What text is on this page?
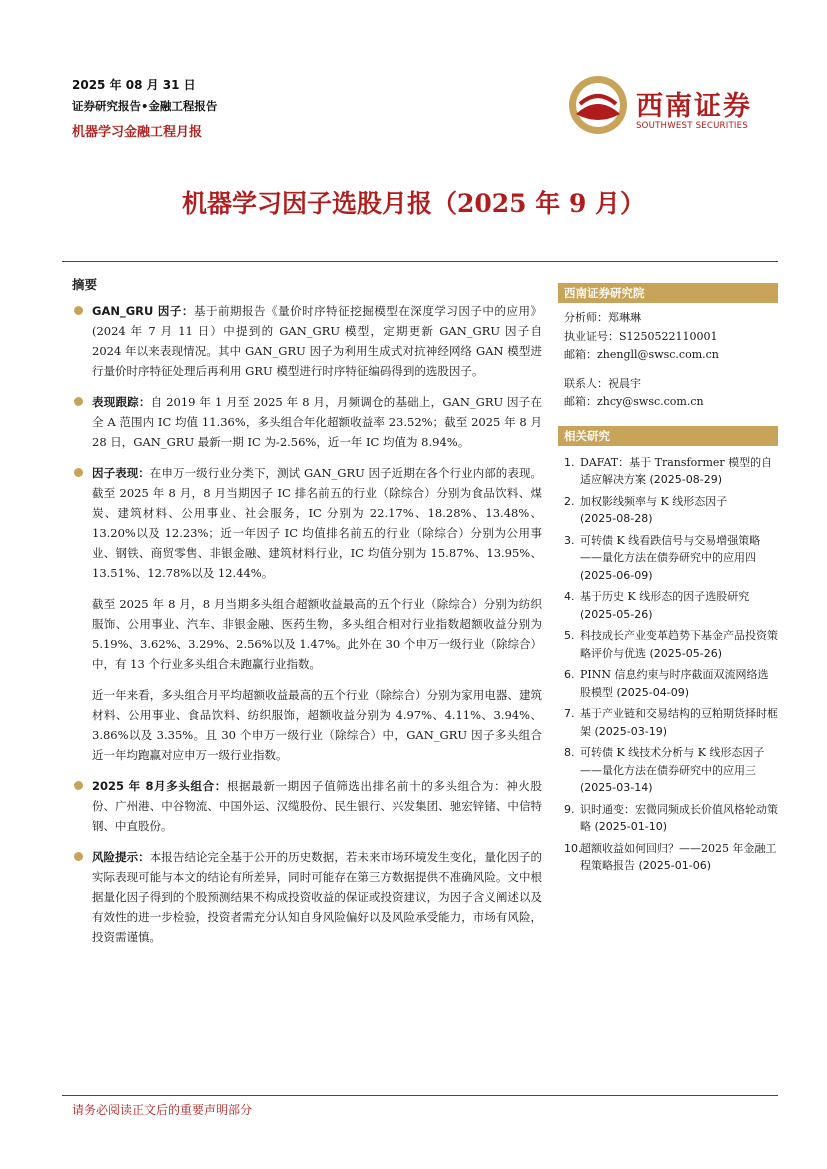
2025 年 08 月 31 日
证券研究报告•金融工程报告
机器学习金融工程月报
西南证券
SOUTHWEST SECURITIES
机器学习因子选股月报（2025 年 9 月）
摘要
GAN_GRU 因子：基于前期报告《量价时序特征挖掘模型在深度学习因子中的应用》(2024 年 7 月 11 日）中提到的 GAN_GRU 模型，定期更新 GAN_GRU 因子自 2024 年以来表现情况。其中 GAN_GRU 因子为利用生成式对抗神经网络 GAN 模型进行量价时序特征处理后再利用 GRU 模型进行时序特征编码得到的选股因子。
表现跟踪：自 2019 年 1 月至 2025 年 8 月，月频调仓的基础上，GAN_GRU 因子在全 A 范围内 IC 均值 11.36%，多头组合年化超额收益率 23.52%；截至 2025 年 8 月 28 日，GAN_GRU 最新一期 IC 为-2.56%，近一年 IC 均值为 8.94%。
因子表现：在申万一级行业分类下，测试 GAN_GRU 因子近期在各个行业内部的表现。截至 2025 年 8 月，8 月当期因子 IC 排名前五的行业（除综合）分别为食品饮料、煤炭、建筑材料、公用事业、社会服务，IC 分别为 22.17%、18.28%、13.48%、13.20%以及 12.23%；近一年因子 IC 均值排名前五的行业（除综合）分别为公用事业、钢铁、商贸零售、非银金融、建筑材料行业，IC 均值分别为 15.87%、13.95%、13.51%、12.78%以及 12.44%。
截至 2025 年 8 月，8 月当期多头组合超额收益最高的五个行业（除综合）分别为纺织服饰、公用事业、汽车、非银金融、医药生物，多头组合相对行业指数超额收益分别为 5.19%、3.62%、3.29%、2.56%以及 1.47%。此外在 30 个申万一级行业（除综合）中，有 13 个行业多头组合未跑赢行业指数。
近一年来看，多头组合月平均超额收益最高的五个行业（除综合）分别为家用电器、建筑材料、公用事业、食品饮料、纺织服饰，超额收益分别为 4.97%、4.11%、3.94%、3.86%以及 3.35%。且 30 个申万一级行业（除综合）中，GAN_GRU 因子多头组合近一年均跑赢对应申万一级行业指数。
2025 年 8月多头组合：根据最新一期因子值筛选出排名前十的多头组合为：神火股份、广州港、中谷物流、中国外运、汉缆股份、民生银行、兴发集团、驰宏锌锗、中信特钢、中直股份。
风险提示：本报告结论完全基于公开的历史数据，若未来市场环境发生变化，量化因子的实际表现可能与本文的结论有所差异，同时可能存在第三方数据提供不准确风险。文中根据量化因子得到的个股预测结果不构成投资收益的保证或投资建议，为因子含义阐述以及有效性的进一步检验，投资者需充分认知自身风险偏好以及风险承受能力，市场有风险，投资需谨慎。
西南证券研究院
分析师：郑琳琳
执业证号：S1250522110001
邮箱：zhengll@swsc.com.cn
联系人：祝晨宇
邮箱：zhcy@swsc.com.cn
相关研究
1. DAFAT：基于 Transformer 模型的自适应解决方案 (2025-08-29)
2. 加权影线频率与 K 线形态因子
(2025-08-28)
3. 可转债 K 线看跌信号与交易增强策略——量化方法在债券研究中的应用四
(2025-06-09)
4. 基于历史 K 线形态的因子选股研究
(2025-05-26)
5. 科技成长产业变革趋势下基金产品投资策略评价与优选 (2025-05-26)
6. PINN 信息约束与时序截面双流网络选股模型 (2025-04-09)
7. 基于产业链和交易结构的豆粕期货择时框架 (2025-03-19)
8. 可转债 K 线技术分析与 K 线形态因子——量化方法在债券研究中的应用三
(2025-03-14)
9. 识时通变：宏微同频成长价值风格轮动策略 (2025-01-10)
10.
超额收益如何回归？——2025 年金融工程策略报告 (2025-01-06)
请务必阅读正文后的重要声明部分
